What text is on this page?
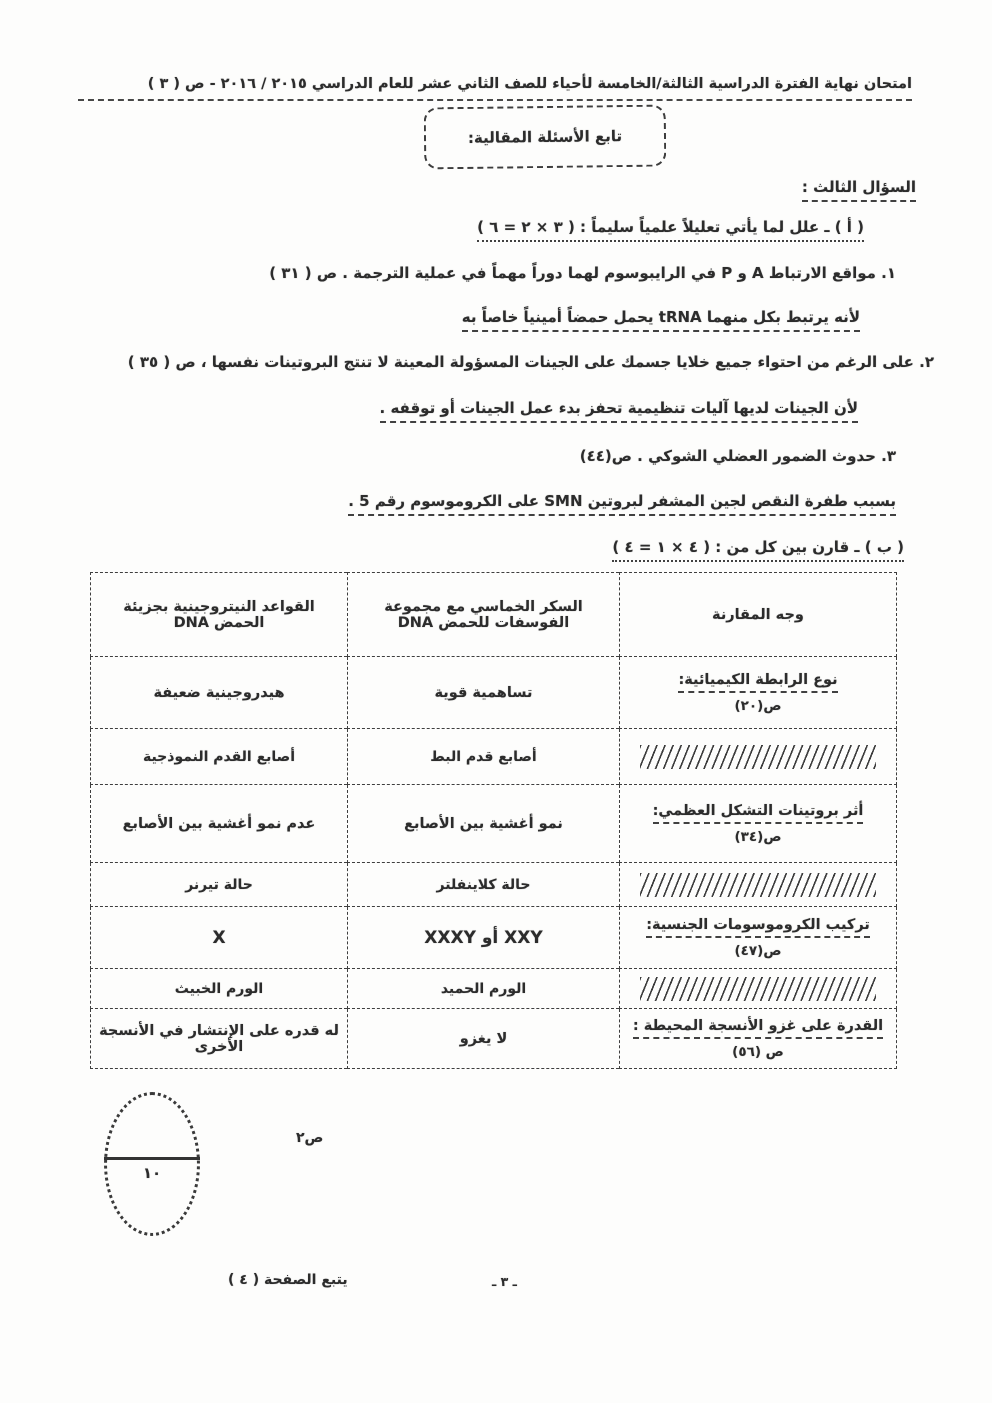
امتحان نهاية الفترة الدراسية الثالثة/الخامسة لأحياء للصف الثاني عشر للعام الدراسي ٢٠١٥ / ٢٠١٦ - ص ( ٣ )
تابع الأسئلة المقالية:
السؤال الثالث :
( أ ) ـ علل لما يأتي تعليلاً علمياً سليماً : ( ٣ × ٢ = ٦ )
١. مواقع الارتباط A و P في الرايبوسوم لهما دوراً مهماً في عملية الترجمة . ص ( ٣١ )
لأنه يرتبط بكل منهما tRNA يحمل حمضاً أمينياً خاصاً به
٢. على الرغم من احتواء جميع خلايا جسمك على الجينات المسؤولة المعينة لا تنتج البروتينات نفسها ، ص ( ٣٥ )
لأن الجينات لديها آليات تنظيمية تحفز بدء عمل الجينات أو توقفه .
٣. حدوث الضمور العضلي الشوكي . ص(٤٤)
بسبب طفرة النقص لجين المشفر لبروتين SMN على الكروموسوم رقم 5 .
( ب ) ـ قارن بين كل من : ( ٤ × ١ = ٤ )
وجه المقارنة	السكر الخماسي مع مجموعة الفوسفات للحمض DNA	القواعد النيتروجينية بجزيئة الحمض DNA
نوع الرابطة الكيميائية:
ص(٢٠)	تساهمية قوية	هيدروجينية ضعيفة

	أصابع قدم البط	أصابع القدم النموذجية
أثر بروتينات التشكل العظمي:
ص(٣٤)	نمو أغشية بين الأصابع	عدم نمو أغشية بين الأصابع

	حالة كلاينفلتر	حالة تيرنر
تركيب الكروموسومات الجنسية:
ص(٤٧)	XXY أو XXXY	X

	الورم الحميد	الورم الخبيث
القدرة على غزو الأنسجة المحيطة :
ص (٥٦)	لا يغزو	له قدره على الإنتشار في الأنسجة الأخرى
١٠
ص٢
يتبع الصفحة ( ٤ )	ـ ٣ ـ
